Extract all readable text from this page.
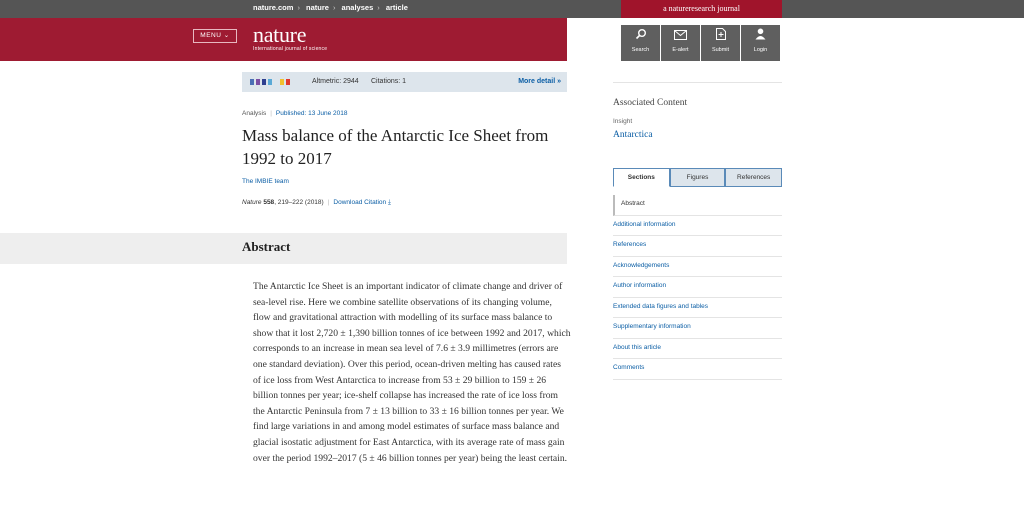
nature.com › nature › analyses › article	a natureresearch journal
MENU ⌄	nature
International journal of science	Search	E-alert	Submit	Login
Altmetric: 2944 Citations: 1	More detail »
Analysis | Published: 13 June 2018
Mass balance of the Antarctic Ice Sheet from 1992 to 2017
The IMBIE team
Nature 558, 219–222 (2018) | Download Citation ⤓
Abstract

The Antarctic Ice Sheet is an important indicator of climate change and driver of sea-level rise. Here we combine satellite observations of its changing volume, flow and gravitational attraction with modelling of its surface mass balance to show that it lost 2,720 ± 1,390 billion tonnes of ice between 1992 and 2017, which corresponds to an increase in mean sea level of 7.6 ± 3.9 millimetres (errors are one standard deviation). Over this period, ocean-driven melting has caused rates of ice loss from West Antarctica to increase from 53 ± 29 billion to 159 ± 26 billion tonnes per year; ice-shelf collapse has increased the rate of ice loss from the Antarctic Peninsula from 7 ± 13 billion to 33 ± 16 billion tonnes per year. We find large variations in and among model estimates of surface mass balance and glacial isostatic adjustment for East Antarctica, with its average rate of mass gain over the period 1992–2017 (5 ± 46 billion tonnes per year) being the least certain.

Associated Content
Insight
Antarctica
Sections	Figures	References
Abstract
Additional information
References
Acknowledgements
Author information
Extended data figures and tables
Supplementary information
About this article
Comments
